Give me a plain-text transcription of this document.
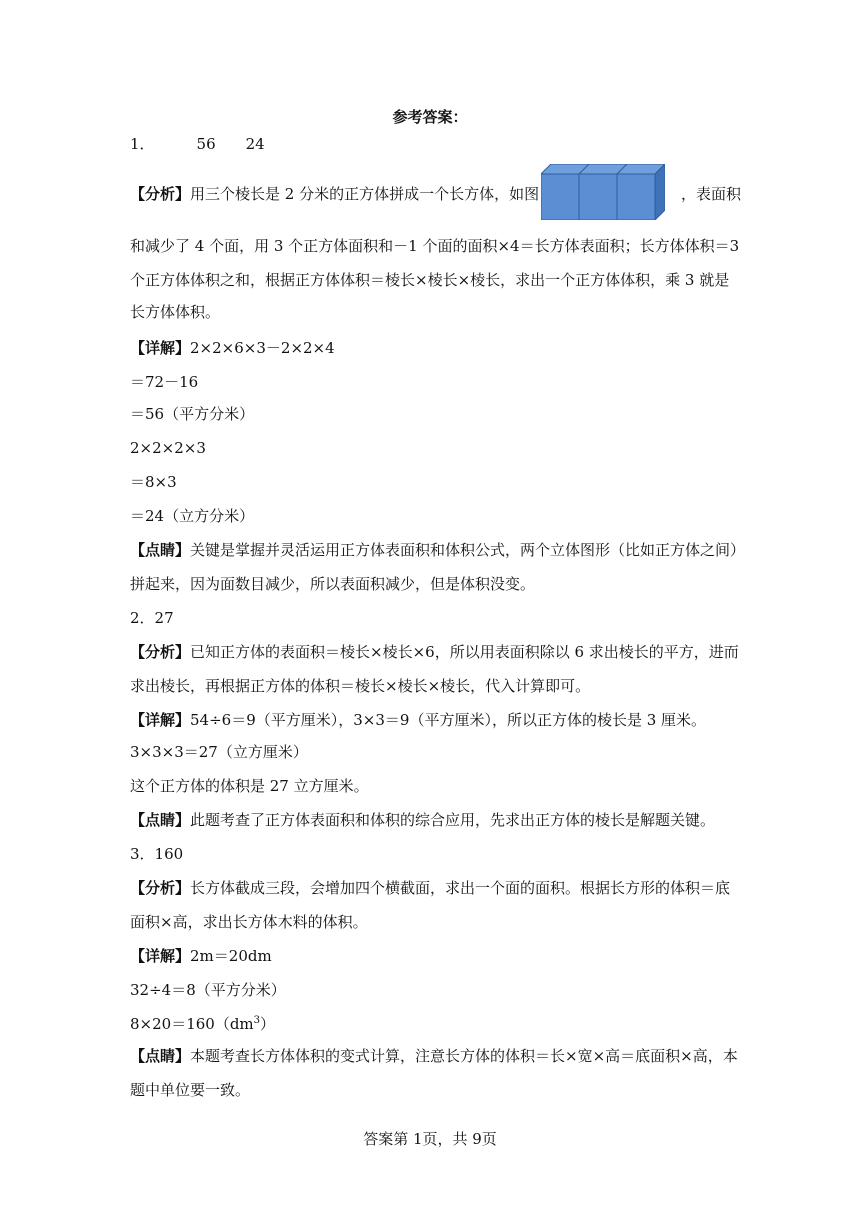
参考答案：
1．	56 24
【分析】用三个棱长是 2 分米的正方体拼成一个长方体，如图	，表面积
和减少了 4 个面，用 3 个正方体面积和－1 个面的面积×4＝长方体表面积；长方体体积＝3
个正方体体积之和，根据正方体体积＝棱长×棱长×棱长，求出一个正方体体积，乘 3 就是
长方体体积。
【详解】2×2×6×3－2×2×4
＝72－16
＝56（平方分米）
2×2×2×3
＝8×3
＝24（立方分米）
【点睛】关键是掌握并灵活运用正方体表面积和体积公式，两个立体图形（比如正方体之间）
拼起来，因为面数目减少，所以表面积减少，但是体积没变。
2．27
【分析】已知正方体的表面积＝棱长×棱长×6，所以用表面积除以 6 求出棱长的平方，进而
求出棱长，再根据正方体的体积＝棱长×棱长×棱长，代入计算即可。
【详解】54÷6＝9（平方厘米），3×3＝9（平方厘米），所以正方体的棱长是 3 厘米。
3×3×3＝27（立方厘米）
这个正方体的体积是 27 立方厘米。
【点睛】此题考查了正方体表面积和体积的综合应用，先求出正方体的棱长是解题关键。
3．160
【分析】长方体截成三段，会增加四个横截面，求出一个面的面积。根据长方形的体积＝底
面积×高，求出长方体木料的体积。
【详解】2m＝20dm
32÷4＝8（平方分米）
$8\times 20=160(dm^3)$
【点睛】本题考查长方体体积的变式计算，注意长方体的体积＝长×宽×高＝底面积×高，本
题中单位要一致。
答案第 1页，共 9页
